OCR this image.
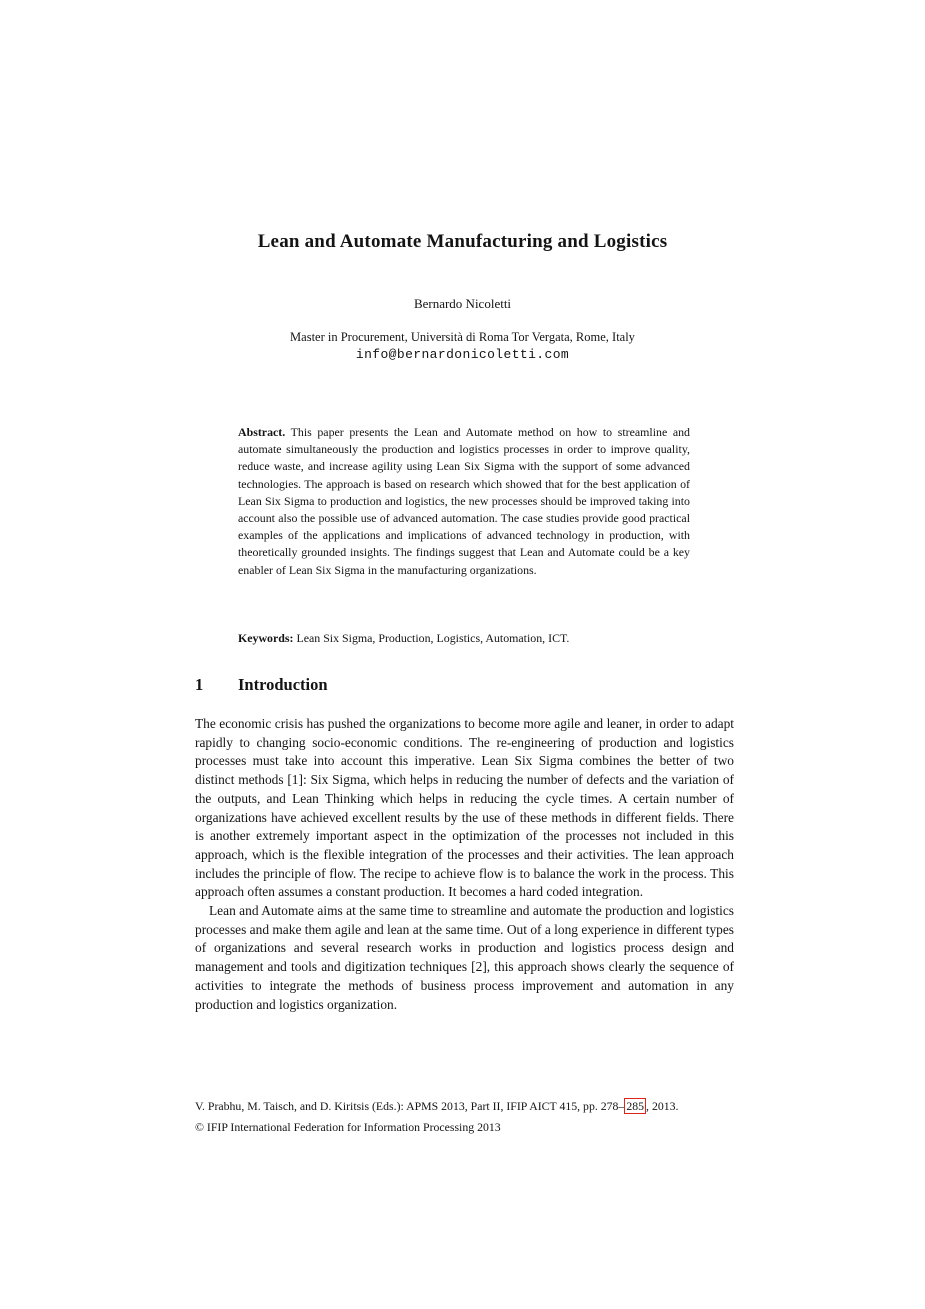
Lean and Automate Manufacturing and Logistics
Bernardo Nicoletti
Master in Procurement, Università di Roma Tor Vergata, Rome, Italy
info@bernardonicoletti.com
Abstract. This paper presents the Lean and Automate method on how to streamline and automate simultaneously the production and logistics processes in order to improve quality, reduce waste, and increase agility using Lean Six Sigma with the support of some advanced technologies. The approach is based on research which showed that for the best application of Lean Six Sigma to production and logistics, the new processes should be improved taking into account also the possible use of advanced automation. The case studies provide good practical examples of the applications and implications of advanced technology in production, with theoretically grounded insights. The findings suggest that Lean and Automate could be a key enabler of Lean Six Sigma in the manufacturing organizations.
Keywords: Lean Six Sigma, Production, Logistics, Automation, ICT.
1 Introduction

The economic crisis has pushed the organizations to become more agile and leaner, in order to adapt rapidly to changing socio-economic conditions. The re-engineering of production and logistics processes must take into account this imperative. Lean Six Sigma combines the better of two distinct methods [1]: Six Sigma, which helps in reducing the number of defects and the variation of the outputs, and Lean Thinking which helps in reducing the cycle times. A certain number of organizations have achieved excellent results by the use of these methods in different fields. There is another extremely important aspect in the optimization of the processes not included in this approach, which is the flexible integration of the processes and their activities. The lean approach includes the principle of flow. The recipe to achieve flow is to balance the work in the process. This approach often assumes a constant production. It becomes a hard coded integration.

Lean and Automate aims at the same time to streamline and automate the production and logistics processes and make them agile and lean at the same time. Out of a long experience in different types of organizations and several research works in production and logistics process design and management and tools and digitization techniques [2], this approach shows clearly the sequence of activities to integrate the methods of business process improvement and automation in any production and logistics organization.

V. Prabhu, M. Taisch, and D. Kiritsis (Eds.): APMS 2013, Part II, IFIP AICT 415, pp. 278– 285 , 2013.
© IFIP International Federation for Information Processing 2013
